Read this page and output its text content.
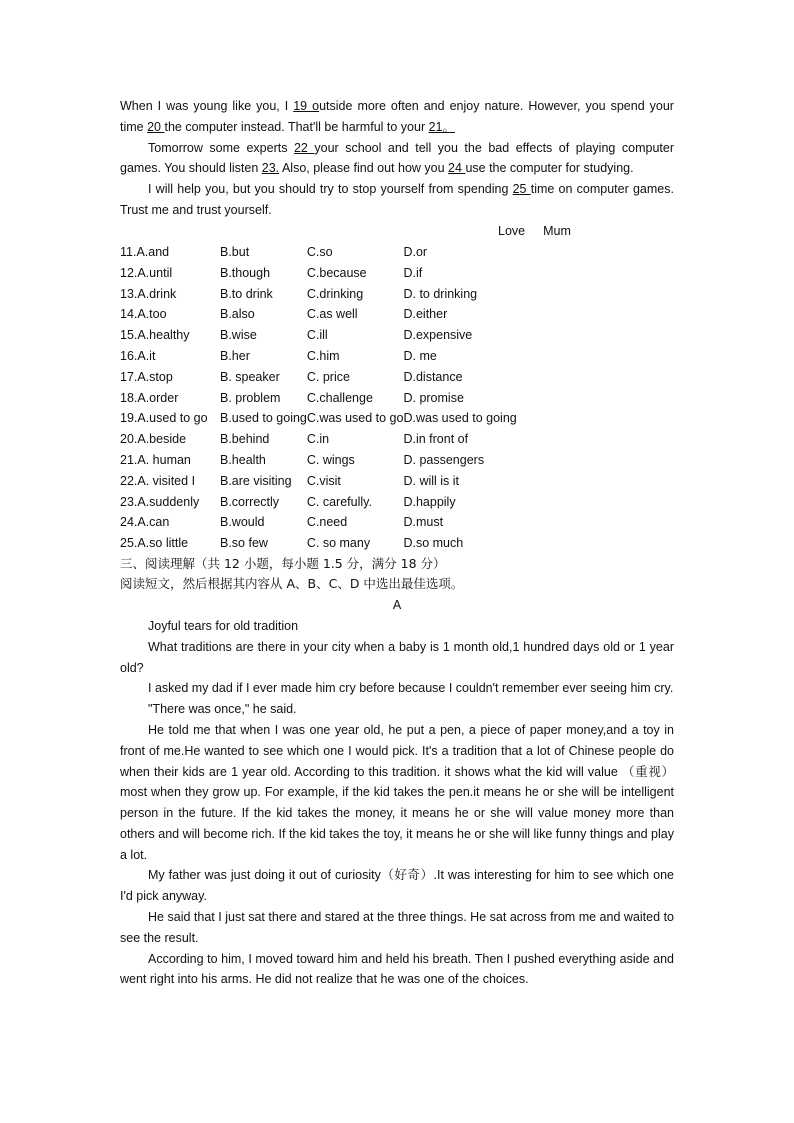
When I was young like you, I 19 outside more often and enjoy nature. However, you spend your time 20 the computer instead. That'll be harmful to your 21。
Tomorrow some experts 22 your school and tell you the bad effects of playing computer games. You should listen 23. Also, please find out how you 24 use the computer for studying.
I will help you, but you should try to stop yourself from spending 25 time on computer games. Trust me and trust yourself.
Love Mum
11.A.and	B.but	C.so	D.or
12.A.until	B.though	C.because	D.if
13.A.drink	B.to drink	C.drinking	D. to drinking
14.A.too	B.also	C.as well	D.either
15.A.healthy	B.wise	C.ill	D.expensive
16.A.it	B.her	C.him	D. me
17.A.stop	B. speaker	C. price	D.distance
18.A.order	B. problem	C.challenge	D. promise
19.A.used to go	B.used to going	C.was used to go	D.was used to going
20.A.beside	B.behind	C.in	D.in front of
21.A. human	B.health	C. wings	D. passengers
22.A. visited I	B.are visiting	C.visit	D. will is it
23.A.suddenly	B.correctly	C. carefully.	D.happily
24.A.can	B.would	C.need	D.must
25.A.so little	B.so few	C. so many	D.so much
三、阅读理解（共 12 小题，每小题 1.5 分，满分 18 分）
阅读短文，然后根据其内容从 A、B、C、D 中选出最佳选项。
A
Joyful tears for old tradition
What traditions are there in your city when a baby is 1 month old,1 hundred days old or 1 year old?
I asked my dad if I ever made him cry before because I couldn't remember ever seeing him cry.
"There was once," he said.
He told me that when I was one year old, he put a pen, a piece of paper money,and a toy in front of me.He wanted to see which one I would pick. It's a tradition that a lot of Chinese people do when their kids are 1 year old. According to this tradition. it shows what the kid will value （重视）most when they grow up. For example, if the kid takes the pen.it means he or she will be intelligent person in the future. If the kid takes the money, it means he or she will value money more than others and will become rich. If the kid takes the toy, it means he or she will like funny things and play a lot.
My father was just doing it out of curiosity（好奇）.It was interesting for him to see which one I'd pick anyway.
He said that I just sat there and stared at the three things. He sat across from me and waited to see the result.
According to him, I moved toward him and held his breath. Then I pushed everything aside and went right into his arms. He did not realize that he was one of the choices.
